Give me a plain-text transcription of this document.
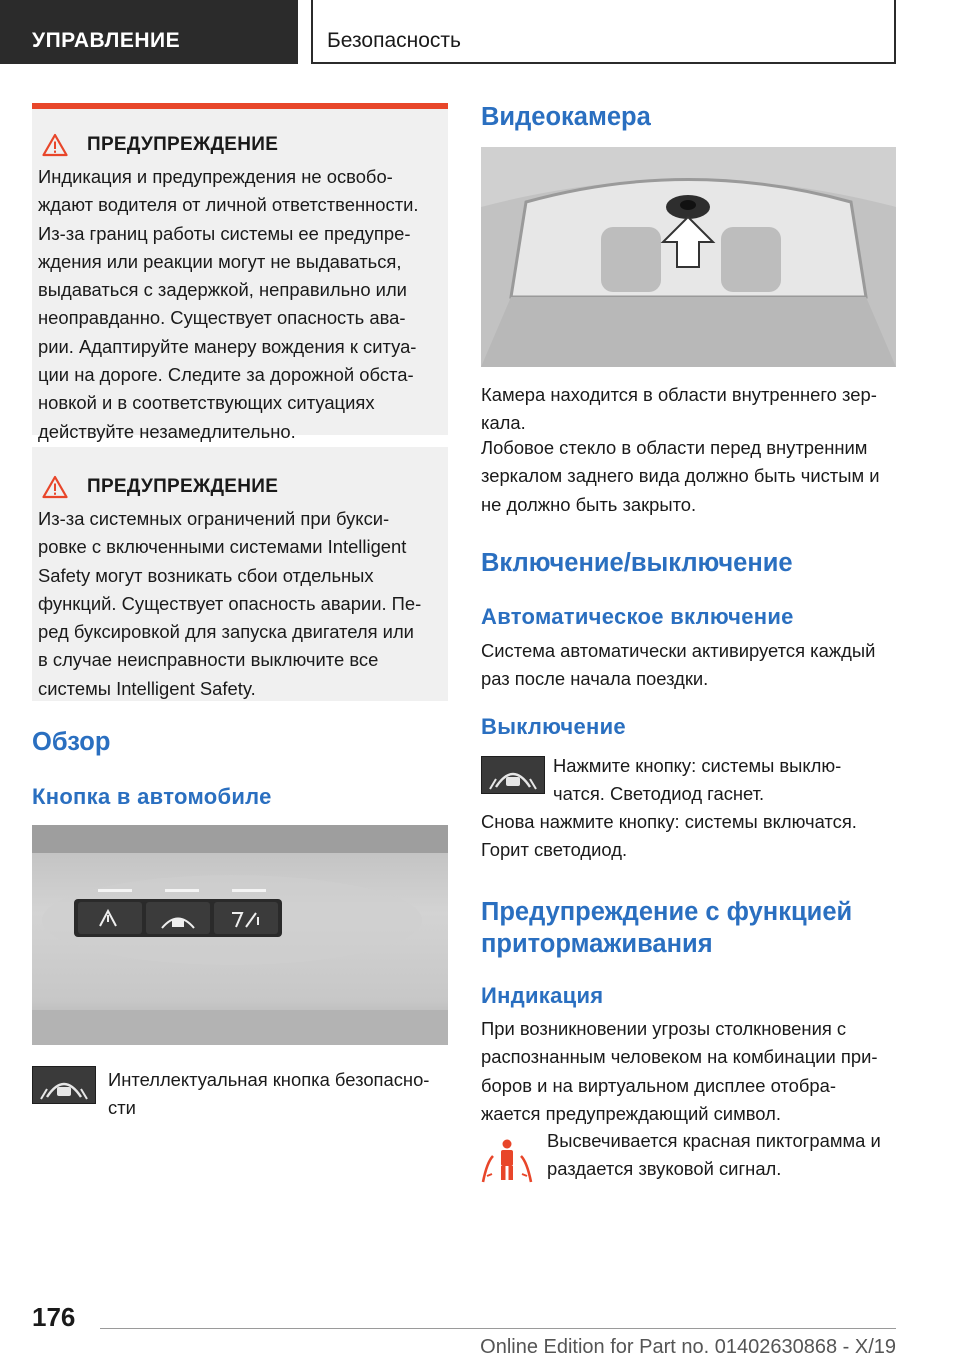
УПРАВЛЕНИЕ	Безопасность
ПРЕДУПРЕЖДЕНИЕ
Индикация и предупреждения не освобо-
ждают водителя от личной ответственности.
Из-за границ работы системы ее предупре-
ждения или реакции могут не выдаваться,
выдаваться с задержкой, неправильно или
неоправданно. Существует опасность ава-
рии. Адаптируйте манеру вождения к ситуа-
ции на дороге. Следите за дорожной обста-
новкой и в соответствующих ситуациях
действуйте незамедлительно.
ПРЕДУПРЕЖДЕНИЕ
Из-за системных ограничений при букси-
ровке с включенными системами Intelligent
Safety могут возникать сбои отдельных
функций. Существует опасность аварии. Пе-
ред буксировкой для запуска двигателя или
в случае неисправности выключите все
системы Intelligent Safety.
Обзор
Кнопка в автомобиле
Интеллектуальная кнопка безопасно-
сти
Видеокамера
Камера находится в области внутреннего зер-
кала.
Лобовое стекло в области перед внутренним
зеркалом заднего вида должно быть чистым и
не должно быть закрыто.
Включение/выключение
Автоматическое включение
Система автоматически активируется каждый
раз после начала поездки.
Выключение
Нажмите кнопку: системы выклю-
чатся. Светодиод гаснет.
Снова нажмите кнопку: системы включатся.
Горит светодиод.
Предупреждение с функцией
притормаживания
Индикация
При возникновении угрозы столкновения с
распознанным человеком на комбинации при-
боров и на виртуальном дисплее отобра-
жается предупреждающий символ.
Высвечивается красная пиктограмма и
раздается звуковой сигнал.
176
Online Edition for Part no. 01402630868 - X/19
